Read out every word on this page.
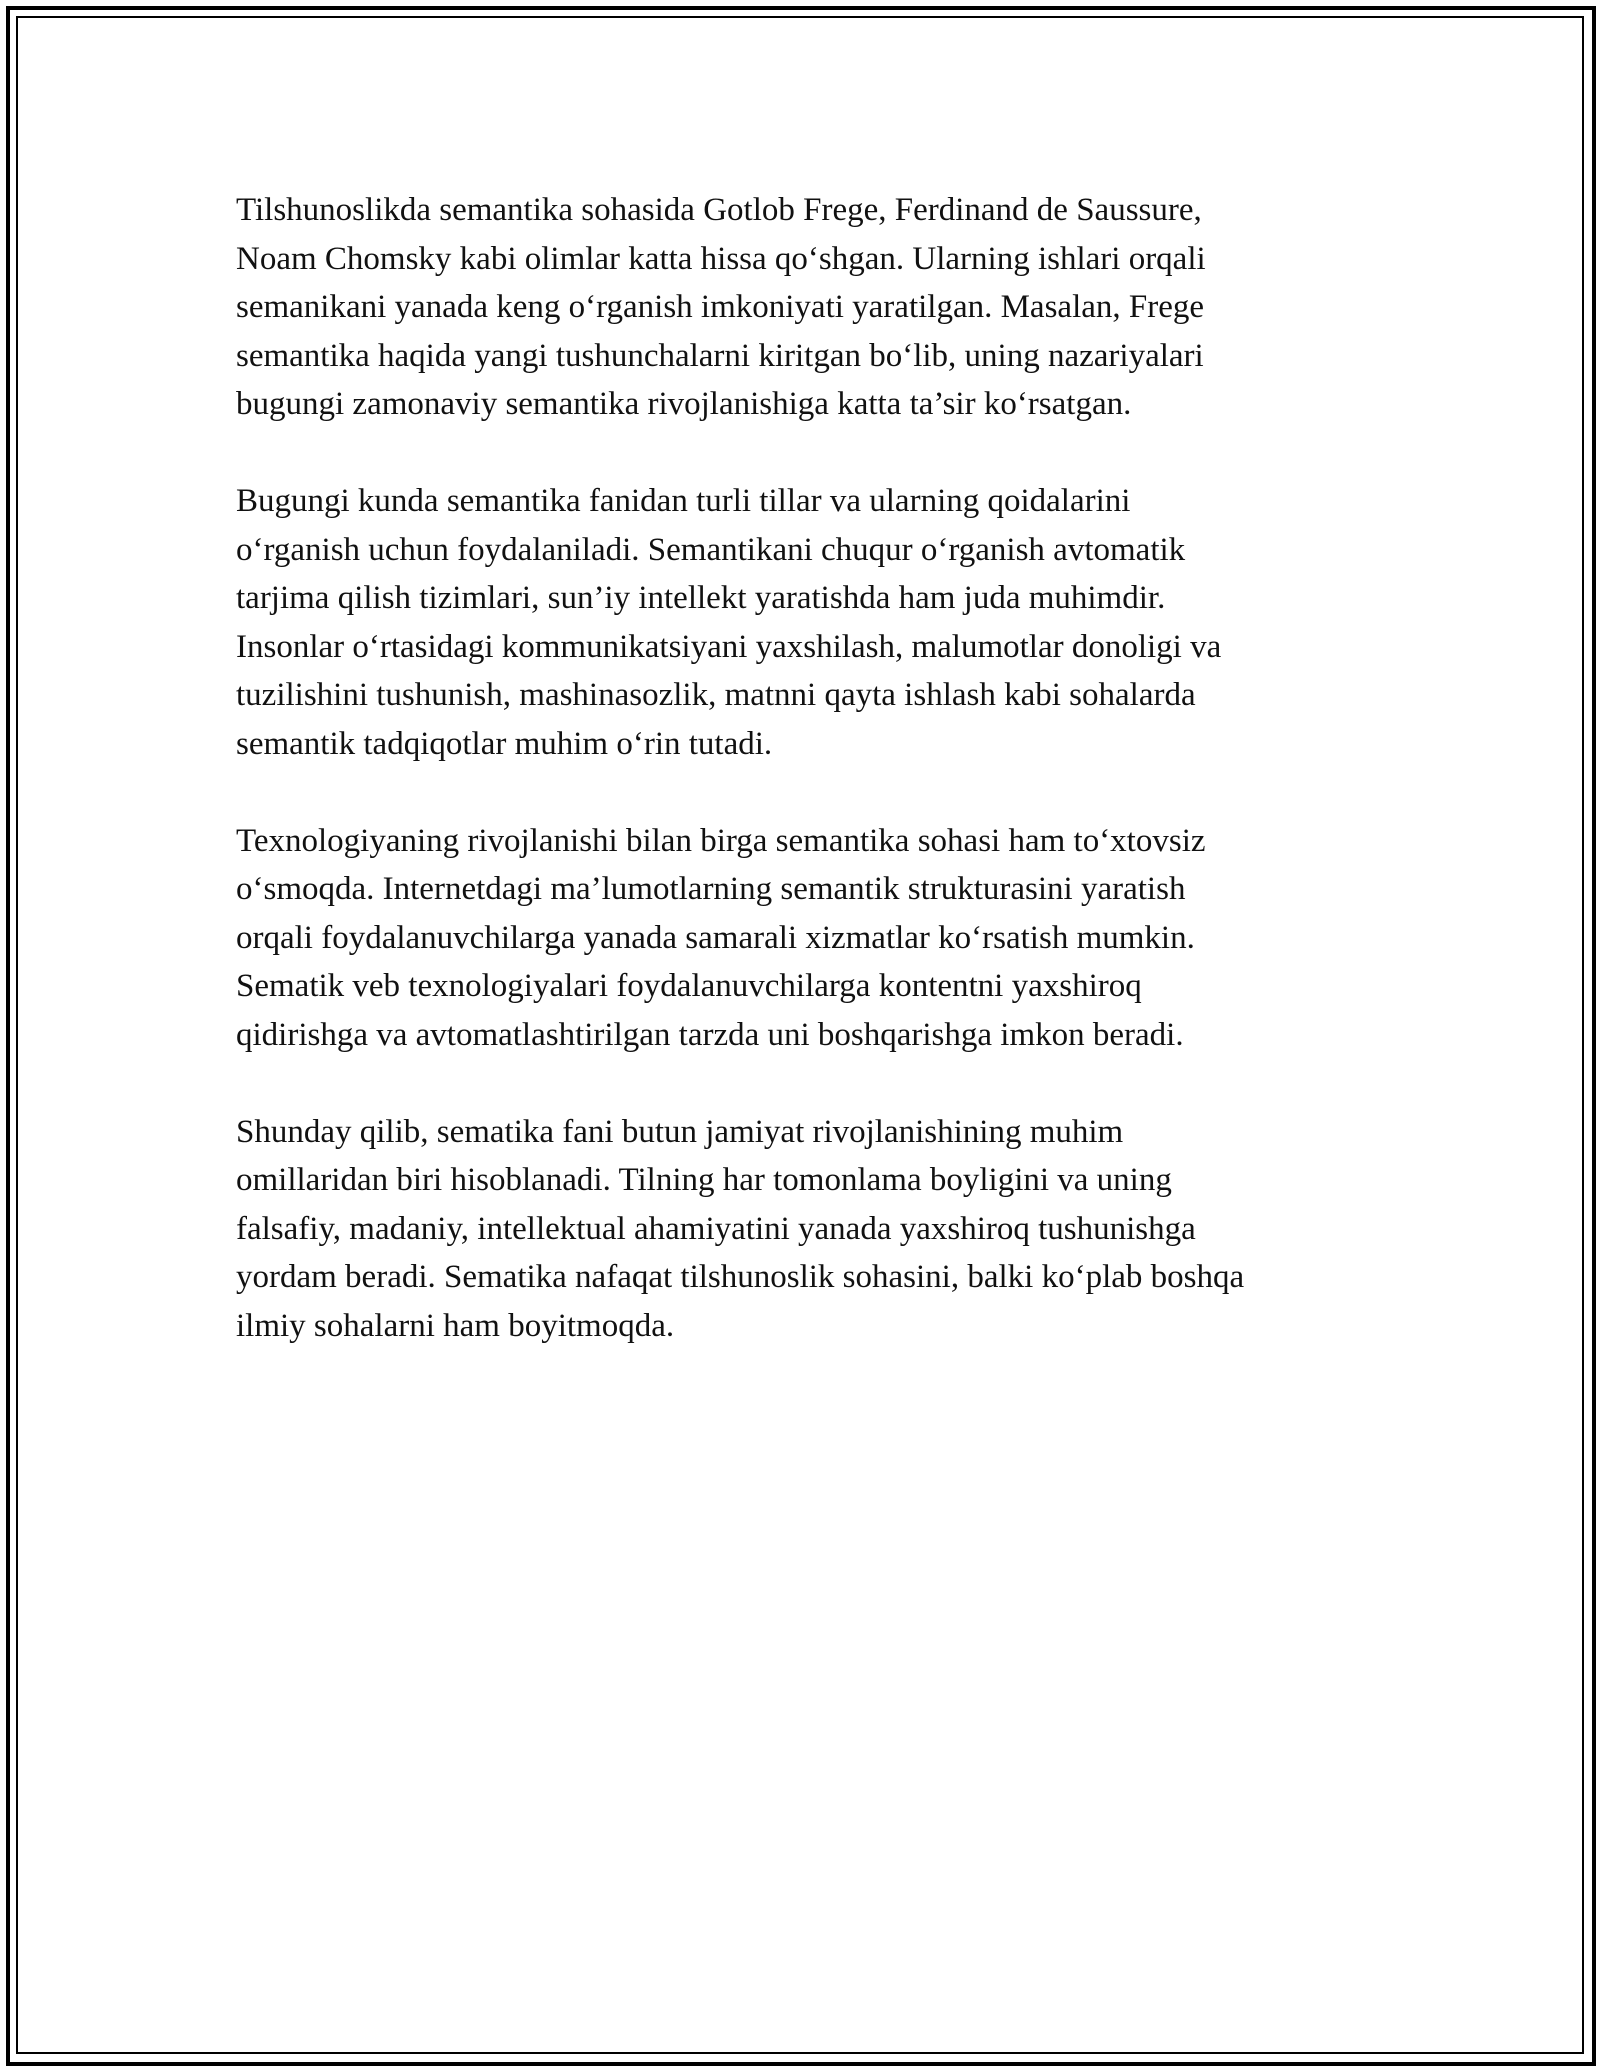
Tilshunoslikda semantika sohasida Gotlob Frege, Ferdinand de Saussure,
Noam Chomsky kabi olimlar katta hissa qo‘shgan. Ularning ishlari orqali
semanikani yanada keng o‘rganish imkoniyati yaratilgan. Masalan, Frege
semantika haqida yangi tushunchalarni kiritgan bo‘lib, uning nazariyalari
bugungi zamonaviy semantika rivojlanishiga katta ta’sir ko‘rsatgan.

Bugungi kunda semantika fanidan turli tillar va ularning qoidalarini
o‘rganish uchun foydalaniladi. Semantikani chuqur o‘rganish avtomatik
tarjima qilish tizimlari, sun’iy intellekt yaratishda ham juda muhimdir.
Insonlar o‘rtasidagi kommunikatsiyani yaxshilash, malumotlar donoligi va
tuzilishini tushunish, mashinasozlik, matnni qayta ishlash kabi sohalarda
semantik tadqiqotlar muhim o‘rin tutadi.

Texnologiyaning rivojlanishi bilan birga semantika sohasi ham to‘xtovsiz
o‘smoqda. Internetdagi ma’lumotlarning semantik strukturasini yaratish
orqali foydalanuvchilarga yanada samarali xizmatlar ko‘rsatish mumkin.
Sematik veb texnologiyalari foydalanuvchilarga kontentni yaxshiroq
qidirishga va avtomatlashtirilgan tarzda uni boshqarishga imkon beradi.

Shunday qilib, sematika fani butun jamiyat rivojlanishining muhim
omillaridan biri hisoblanadi. Tilning har tomonlama boyligini va uning
falsafiy, madaniy, intellektual ahamiyatini yanada yaxshiroq tushunishga
yordam beradi. Sematika nafaqat tilshunoslik sohasini, balki ko‘plab boshqa
ilmiy sohalarni ham boyitmoqda.
